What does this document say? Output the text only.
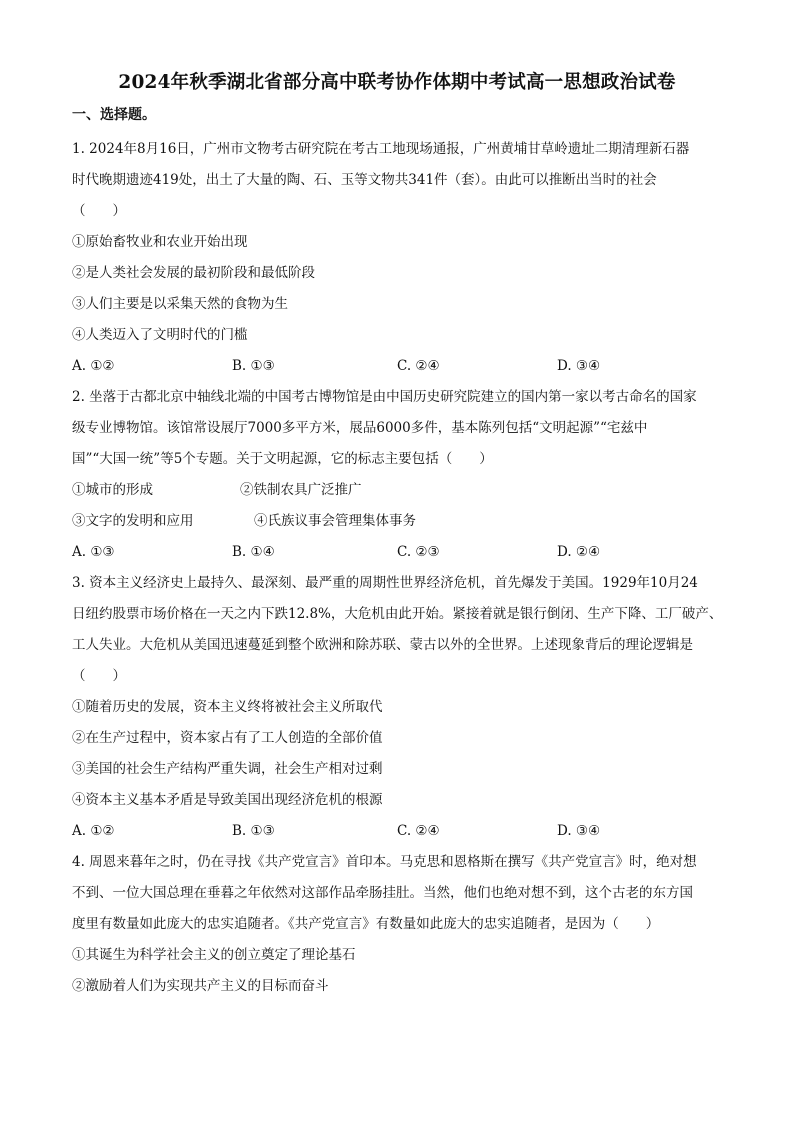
2024年秋季湖北省部分高中联考协作体期中考试高一思想政治试卷
一、选择题。
1. 2024年8月16日，广州市文物考古研究院在考古工地现场通报，广州黄埔甘草岭遗址二期清理新石器
时代晚期遗迹419处，出土了大量的陶、石、玉等文物共341件（套）。由此可以推断出当时的社会
（　　）
①原始畜牧业和农业开始出现
②是人类社会发展的最初阶段和最低阶段
③人们主要是以采集天然的食物为生
④人类迈入了文明时代的门槛
A. ①②	B. ①③	C. ②④	D. ③④
2. 坐落于古都北京中轴线北端的中国考古博物馆是由中国历史研究院建立的国内第一家以考古命名的国家
级专业博物馆。该馆常设展厅7000多平方米，展品6000多件，基本陈列包括“文明起源”“宅兹中
国”“大国一统”等5个专题。关于文明起源，它的标志主要包括（　　）
①城市的形成	②铁制农具广泛推广
③文字的发明和应用	④氏族议事会管理集体事务
A. ①③	B. ①④	C. ②③	D. ②④
3. 资本主义经济史上最持久、最深刻、最严重的周期性世界经济危机，首先爆发于美国。1929年10月24
日纽约股票市场价格在一天之内下跌12.8%，大危机由此开始。紧接着就是银行倒闭、生产下降、工厂破产、
工人失业。大危机从美国迅速蔓延到整个欧洲和除苏联、蒙古以外的全世界。上述现象背后的理论逻辑是
（　　）
①随着历史的发展，资本主义终将被社会主义所取代
②在生产过程中，资本家占有了工人创造的全部价值
③美国的社会生产结构严重失调，社会生产相对过剩
④资本主义基本矛盾是导致美国出现经济危机的根源
A. ①②	B. ①③	C. ②④	D. ③④
4. 周恩来暮年之时，仍在寻找《共产党宣言》首印本。马克思和恩格斯在撰写《共产党宣言》时，绝对想
不到、一位大国总理在垂暮之年依然对这部作品牵肠挂肚。当然，他们也绝对想不到，这个古老的东方国
度里有数量如此庞大的忠实追随者。《共产党宣言》有数量如此庞大的忠实追随者，是因为（　　）
①其诞生为科学社会主义的创立奠定了理论基石
②激励着人们为实现共产主义的目标而奋斗
